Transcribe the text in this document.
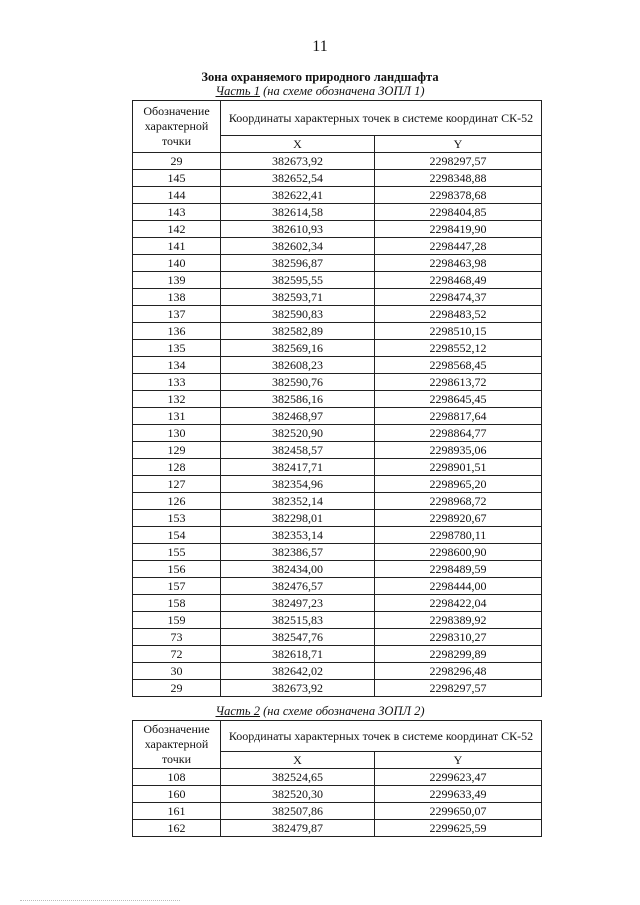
11
Зона охраняемого природного ландшафта
Часть 1 (на схеме обозначена ЗОПЛ 1)
Обозначение характерной точки	Координаты характерных точек в системе координат СК-52	
	X	Y
29	382673,92	2298297,57
145	382652,54	2298348,88
144	382622,41	2298378,68
143	382614,58	2298404,85
142	382610,93	2298419,90
141	382602,34	2298447,28
140	382596,87	2298463,98
139	382595,55	2298468,49
138	382593,71	2298474,37
137	382590,83	2298483,52
136	382582,89	2298510,15
135	382569,16	2298552,12
134	382608,23	2298568,45
133	382590,76	2298613,72
132	382586,16	2298645,45
131	382468,97	2298817,64
130	382520,90	2298864,77
129	382458,57	2298935,06
128	382417,71	2298901,51
127	382354,96	2298965,20
126	382352,14	2298968,72
153	382298,01	2298920,67
154	382353,14	2298780,11
155	382386,57	2298600,90
156	382434,00	2298489,59
157	382476,57	2298444,00
158	382497,23	2298422,04
159	382515,83	2298389,92
73	382547,76	2298310,27
72	382618,71	2298299,89
30	382642,02	2298296,48
29	382673,92	2298297,57
Часть 2 (на схеме обозначена ЗОПЛ 2)
Обозначение характерной точки	Координаты характерных точек в системе координат СК-52	
	X	Y
108	382524,65	2299623,47
160	382520,30	2299633,49
161	382507,86	2299650,07
162	382479,87	2299625,59
